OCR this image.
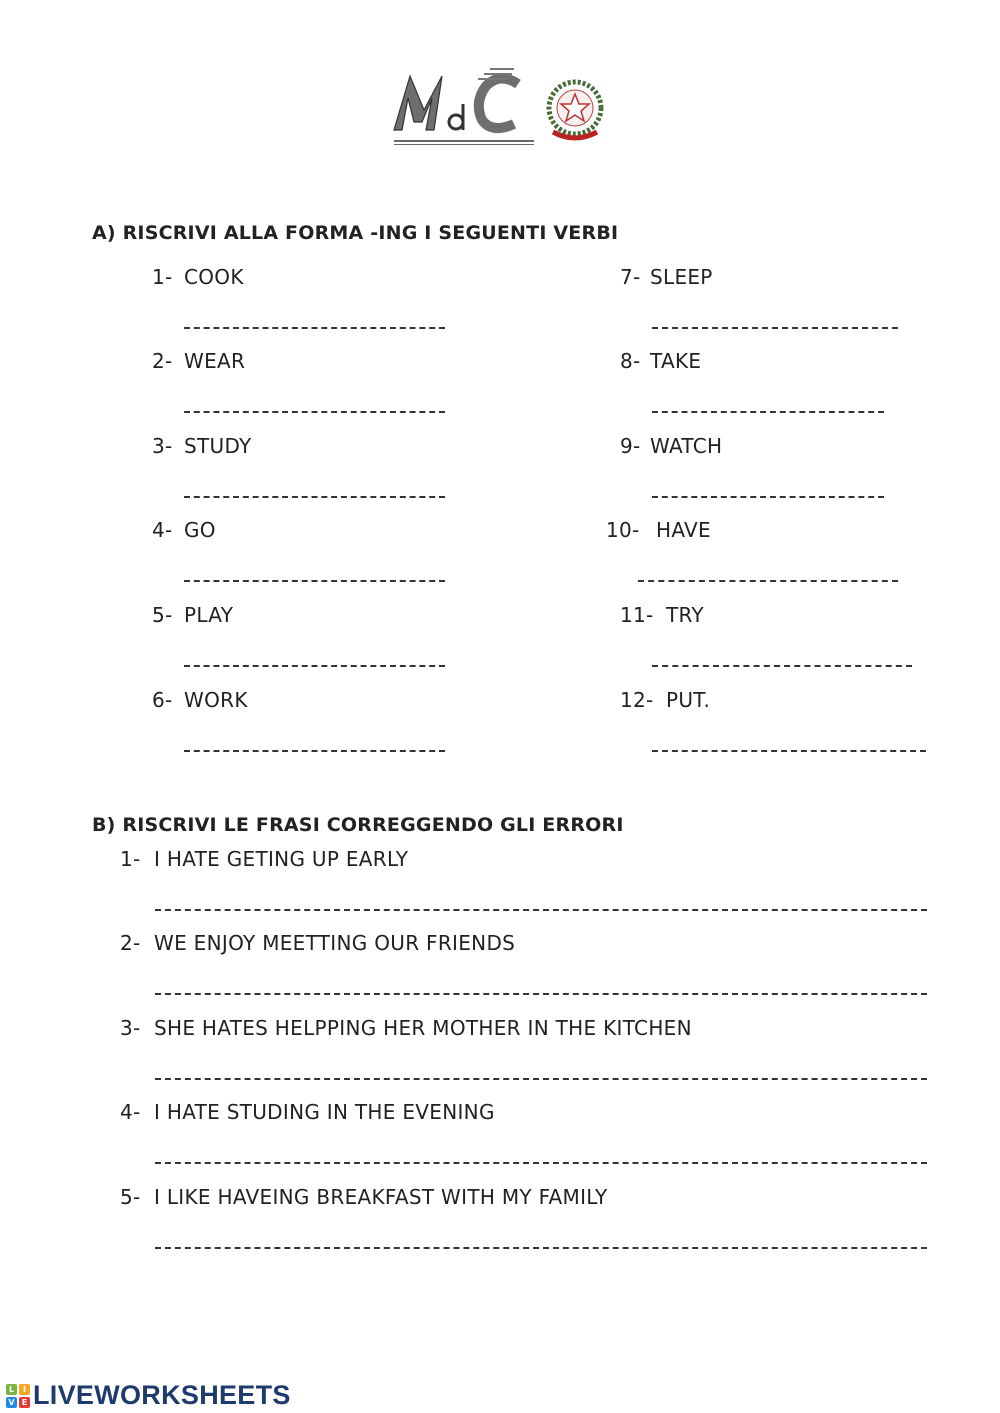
A) RISCRIVI ALLA FORMA -ING I SEGUENTI VERBI
1- COOK
2- WEAR
3- STUDY
4- GO
5- PLAY
6- WORK
7- SLEEP
8- TAKE
9- WATCH
10- HAVE
11- TRY
12- PUT.
B) RISCRIVI LE FRASI CORREGGENDO GLI ERRORI
1- I HATE GETING UP EARLY
2- WE ENJOY MEETTING OUR FRIENDS
3- SHE HATES HELPPING HER MOTHER IN THE KITCHEN
4- I HATE STUDING IN THE EVENING
5- I LIKE HAVEING BREAKFAST WITH MY FAMILY
L	I
V E LIVEWORKSHEETS
